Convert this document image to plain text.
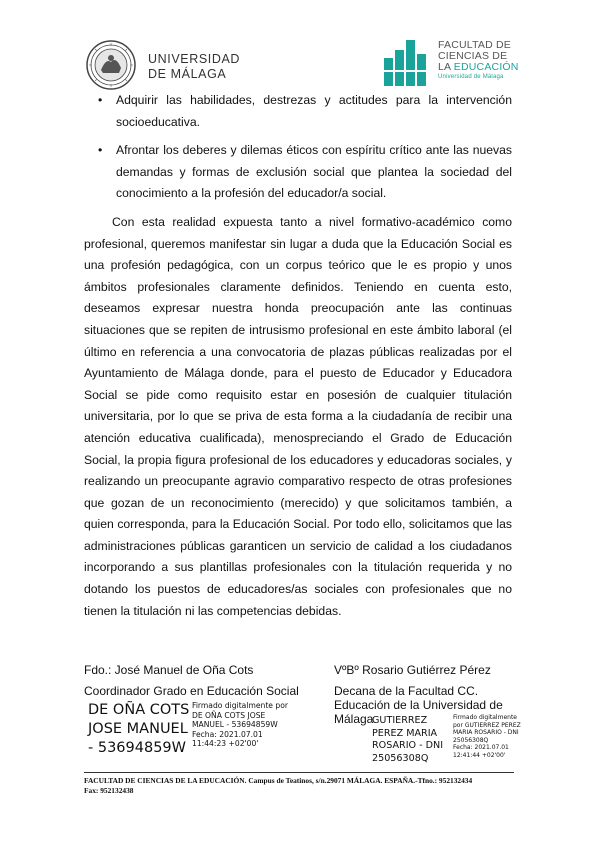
UNIVERSIDAD
DE MÁLAGA
FACULTAD DE
CIENCIAS DE
LA EDUCACIÓN
Universidad de Málaga
• Adquirir las habilidades, destrezas y actitudes para la intervención socioeducativa.
• Afrontar los deberes y dilemas éticos con espíritu crítico ante las nuevas demandas y formas de exclusión social que plantea la sociedad del conocimiento a la profesión del educador/a social.

Con esta realidad expuesta tanto a nivel formativo-académico como profesional, queremos manifestar sin lugar a duda que la Educación Social es una profesión pedagógica, con un corpus teórico que le es propio y unos ámbitos profesionales claramente definidos. Teniendo en cuenta esto, deseamos expresar nuestra honda preocupación ante las continuas situaciones que se repiten de intrusismo profesional en este ámbito laboral (el último en referencia a una convocatoria de plazas públicas realizadas por el Ayuntamiento de Málaga donde, para el puesto de Educador y Educadora Social se pide como requisito estar en posesión de cualquier titulación universitaria, por lo que se priva de esta forma a la ciudadanía de recibir una atención educativa cualificada), menospreciando el Grado de Educación Social, la propia figura profesional de los educadores y educadoras sociales, y realizando un preocupante agravio comparativo respecto de otras profesiones que gozan de un reconocimiento (merecido) y que solicitamos también, a quien corresponda, para la Educación Social. Por todo ello, solicitamos que las administraciones públicas garanticen un servicio de calidad a los ciudadanos incorporando a sus plantillas profesionales con la titulación requerida y no dotando los puestos de educadores/as sociales con profesionales que no tienen la titulación ni las competencias debidas.

Fdo.: José Manuel de Oña Cots
Coordinador Grado en Educación Social
DE OÑA COTS
JOSE MANUEL
- 53694859W
Firmado digitalmente por
DE OÑA COTS JOSE
MANUEL - 53694859W
Fecha: 2021.07.01
11:44:23 +02'00'
VºBº Rosario Gutiérrez Pérez
Decana de la Facultad CC.
Educación de la Universidad de
Málaga
GUTIERREZ
PEREZ MARIA
ROSARIO - DNI
25056308Q
Firmado digitalmente
por GUTIERREZ PEREZ
MARIA ROSARIO - DNI
25056308Q
Fecha: 2021.07.01
12:41:44 +02'00'
FACULTAD DE CIENCIAS DE LA EDUCACIÓN. Campus de Teatinos, s/n.29071 MÁLAGA. ESPAÑA.-Tfno.: 952132434
Fax: 952132438
